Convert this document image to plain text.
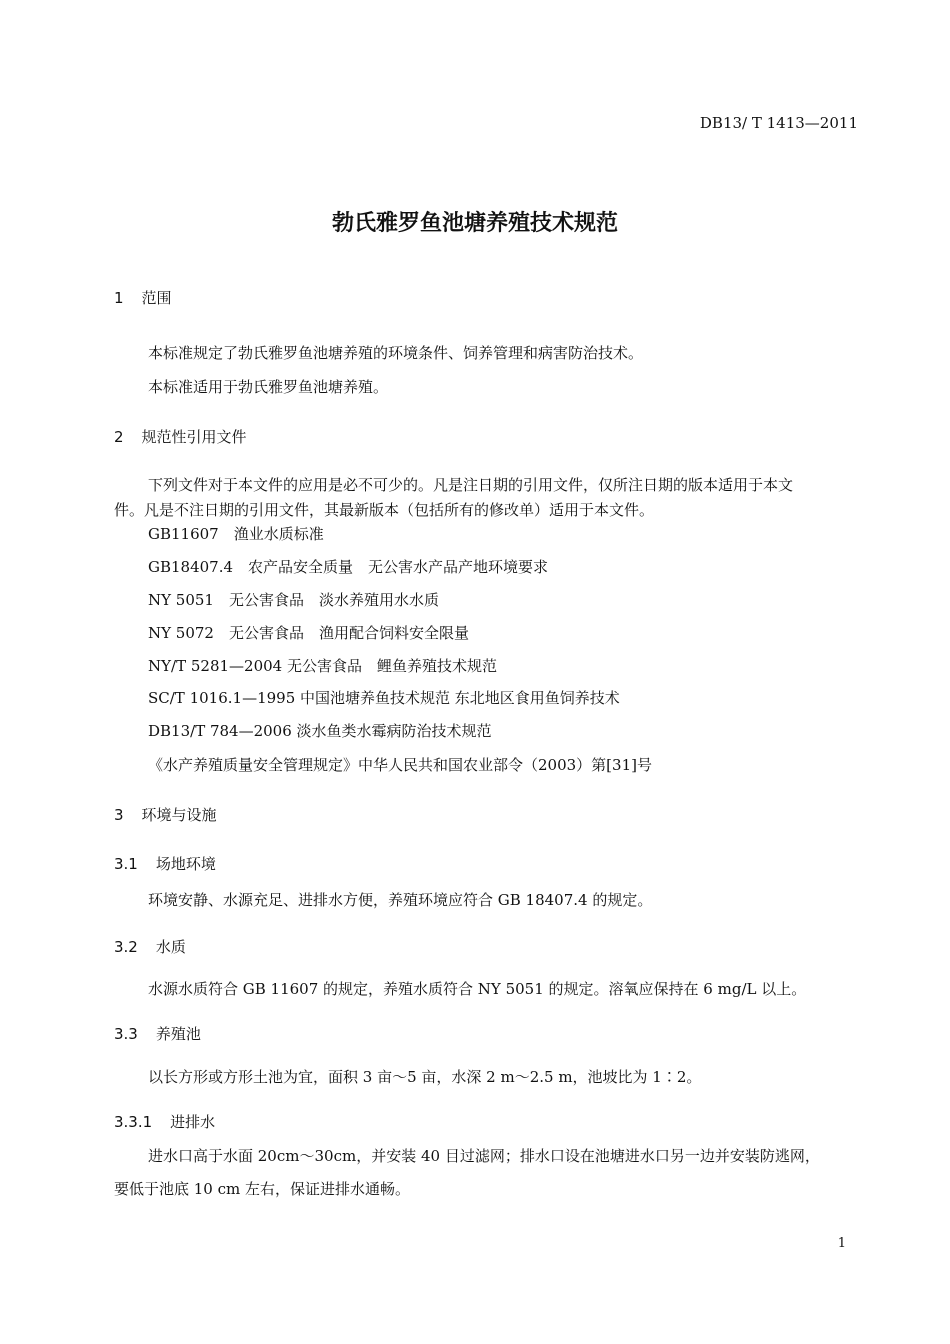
DB13/ T 1413—2011
勃氏雅罗鱼池塘养殖技术规范
1 范围
本标准规定了勃氏雅罗鱼池塘养殖的环境条件、饲养管理和病害防治技术。
本标准适用于勃氏雅罗鱼池塘养殖。
2 规范性引用文件
下列文件对于本文件的应用是必不可少的。凡是注日期的引用文件，仅所注日期的版本适用于本文
件。凡是不注日期的引用文件，其最新版本（包括所有的修改单）适用于本文件。
GB11607　渔业水质标准
GB18407.4　农产品安全质量　无公害水产品产地环境要求
NY 5051　无公害食品　淡水养殖用水水质
NY 5072　无公害食品　渔用配合饲料安全限量
NY/T 5281—2004 无公害食品　鲤鱼养殖技术规范
SC/T 1016.1—1995 中国池塘养鱼技术规范 东北地区食用鱼饲养技术
DB13/T 784—2006 淡水鱼类水霉病防治技术规范
《水产养殖质量安全管理规定》中华人民共和国农业部令（2003）第[31]号
3 环境与设施
3.1 场地环境
环境安静、水源充足、进排水方便，养殖环境应符合 GB 18407.4 的规定。
3.2 水质
水源水质符合 GB 11607 的规定，养殖水质符合 NY 5051 的规定。溶氧应保持在 6 mg/L 以上。
3.3 养殖池
以长方形或方形土池为宜，面积 3 亩～5 亩，水深 2 m～2.5 m，池坡比为 1∶2。
3.3.1 进排水
进水口高于水面 20cm～30cm，并安装 40 目过滤网；排水口设在池塘进水口另一边并安装防逃网，
要低于池底 10 cm 左右，保证进排水通畅。
1
